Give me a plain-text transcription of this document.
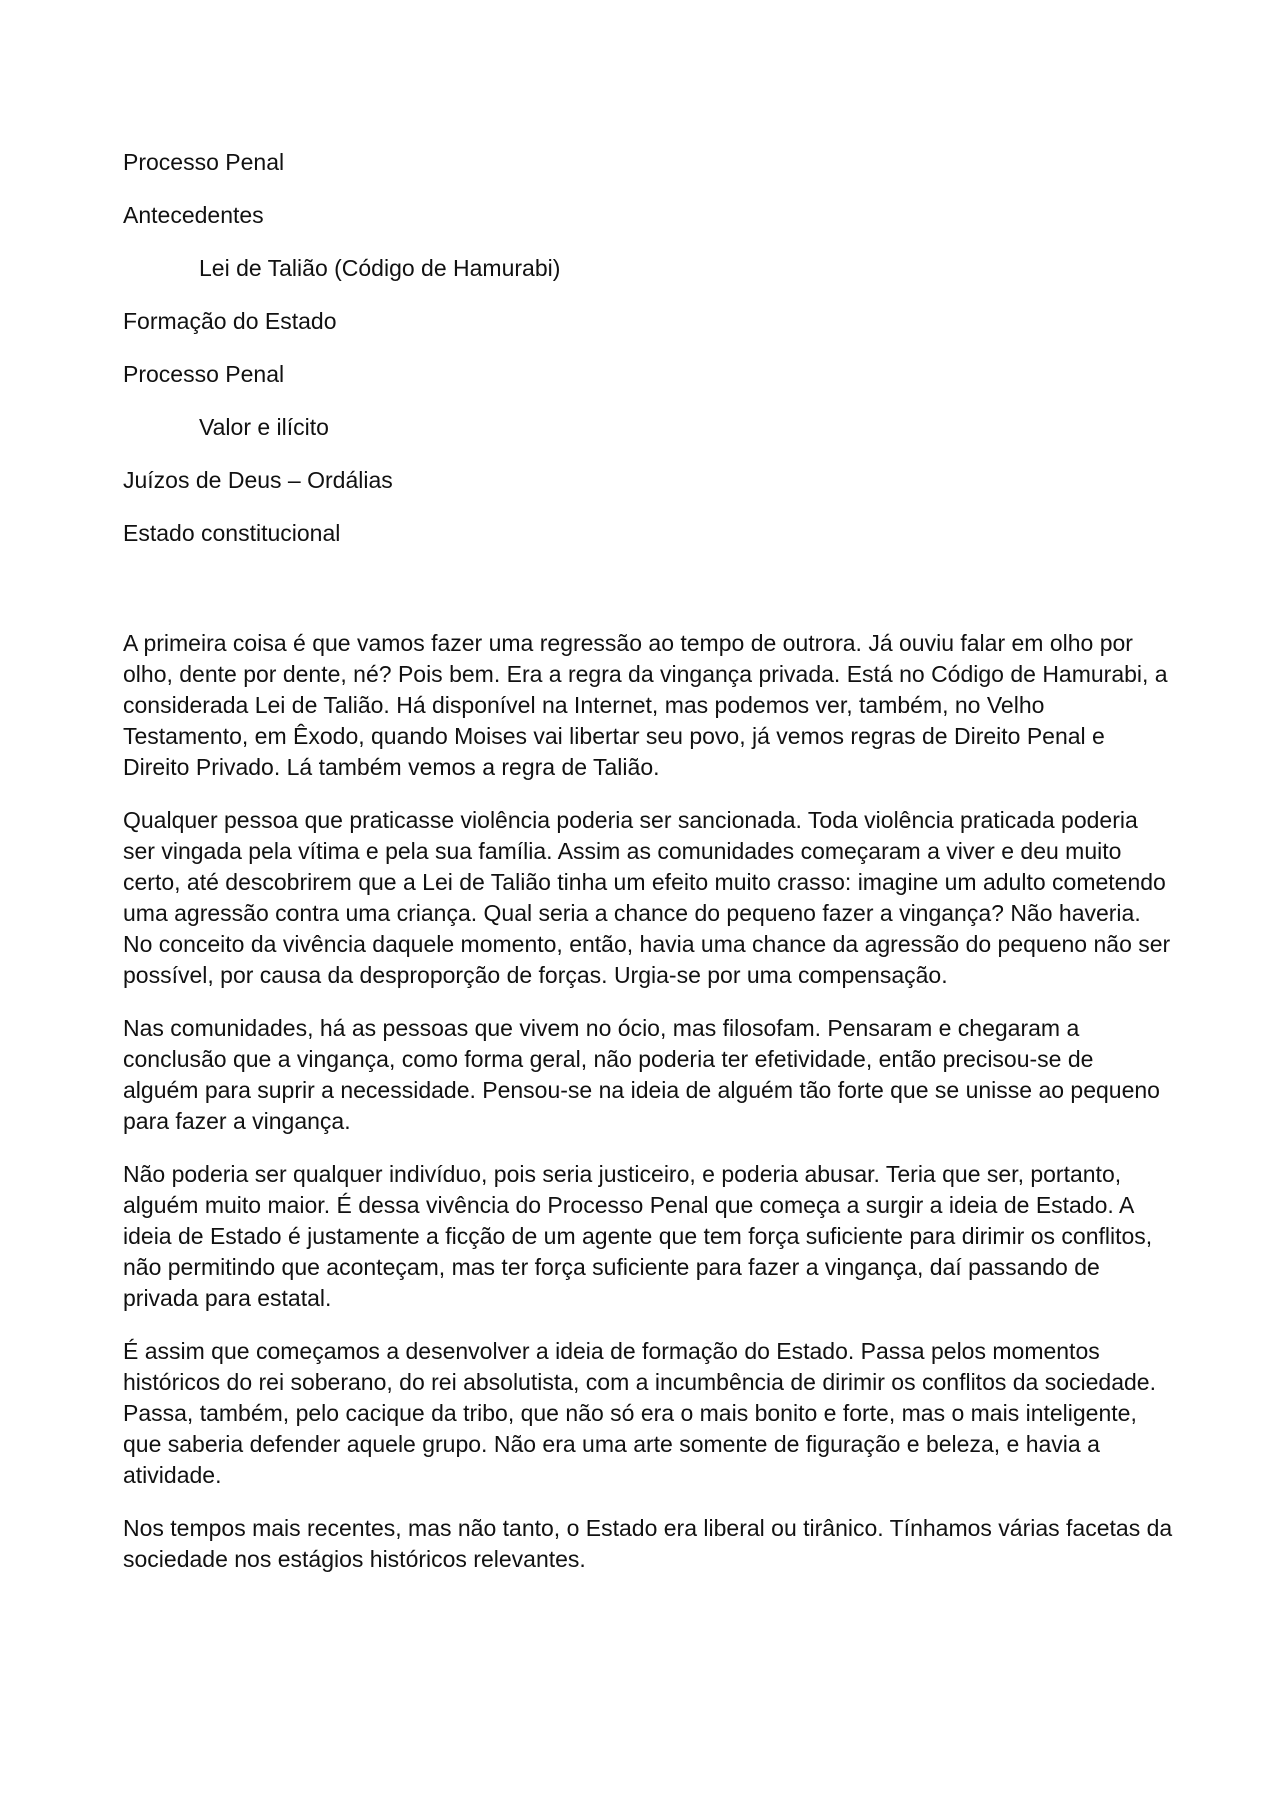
Processo Penal
Antecedentes
Lei de Talião (Código de Hamurabi)
Formação do Estado
Processo Penal
Valor e ilícito
Juízos de Deus – Ordálias
Estado constitucional

A primeira coisa é que vamos fazer uma regressão ao tempo de outrora. Já ouviu falar em olho por olho, dente por dente, né? Pois bem. Era a regra da vingança privada. Está no Código de Hamurabi, a considerada Lei de Talião. Há disponível na Internet, mas podemos ver, também, no Velho Testamento, em Êxodo, quando Moises vai libertar seu povo, já vemos regras de Direito Penal e Direito Privado. Lá também vemos a regra de Talião.

Qualquer pessoa que praticasse violência poderia ser sancionada. Toda violência praticada poderia ser vingada pela vítima e pela sua família. Assim as comunidades começaram a viver e deu muito certo, até descobrirem que a Lei de Talião tinha um efeito muito crasso: imagine um adulto cometendo uma agressão contra uma criança. Qual seria a chance do pequeno fazer a vingança? Não haveria. No conceito da vivência daquele momento, então, havia uma chance da agressão do pequeno não ser possível, por causa da desproporção de forças. Urgia-se por uma compensação.

Nas comunidades, há as pessoas que vivem no ócio, mas filosofam. Pensaram e chegaram a conclusão que a vingança, como forma geral, não poderia ter efetividade, então precisou-se de alguém para suprir a necessidade. Pensou-se na ideia de alguém tão forte que se unisse ao pequeno para fazer a vingança.

Não poderia ser qualquer indivíduo, pois seria justiceiro, e poderia abusar. Teria que ser, portanto, alguém muito maior. É dessa vivência do Processo Penal que começa a surgir a ideia de Estado. A ideia de Estado é justamente a ficção de um agente que tem força suficiente para dirimir os conflitos, não permitindo que aconteçam, mas ter força suficiente para fazer a vingança, daí passando de privada para estatal.

É assim que começamos a desenvolver a ideia de formação do Estado. Passa pelos momentos históricos do rei soberano, do rei absolutista, com a incumbência de dirimir os conflitos da sociedade. Passa, também, pelo cacique da tribo, que não só era o mais bonito e forte, mas o mais inteligente, que saberia defender aquele grupo. Não era uma arte somente de figuração e beleza, e havia a atividade.

Nos tempos mais recentes, mas não tanto, o Estado era liberal ou tirânico. Tínhamos várias facetas da sociedade nos estágios históricos relevantes.
